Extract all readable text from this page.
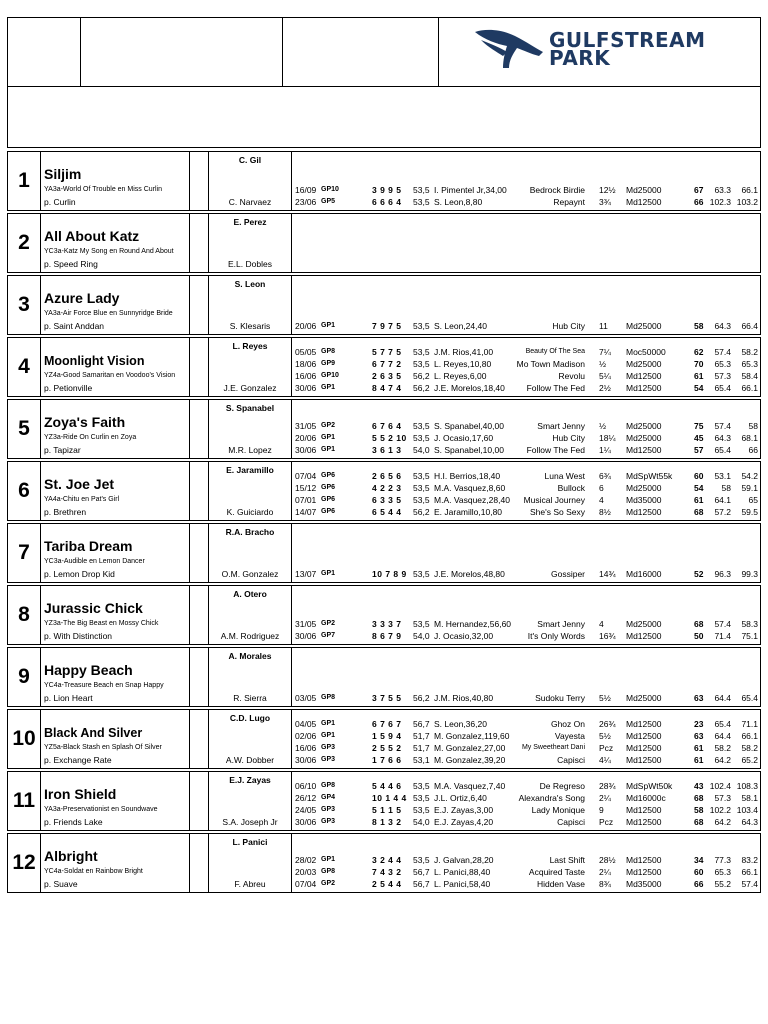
GULFSTREAM
PARK
1	Siljim
YA3a-World Of Trouble en Miss Curlin
p. Curlin
C. Gil
C. Narvaez
16/09 GP10	3 9 9 5 53,5 I. Pimentel Jr,34,00	Bedrock Birdie 12½ Md25000	67 63.3 66.1
23/06 GP5	6 6 6 4 53,5 S. Leon,8,80	Repaynt 3¾ Md12500	66 102.3 103.2
2	All About Katz
YC3a-Katz My Song en Round And About
p. Speed Ring
E. Perez
E.L. Dobles
3	Azure Lady
YA3a-Air Force Blue en Sunnyridge Bride
p. Saint Anddan
S. Leon
S. Klesaris	20/06 GP1	7 9 7 5 53,5 S. Leon,24,40	Hub City 11 Md25000	58 64.3 66.4
4	Moonlight Vision
YZ4a-Good Samaritan en Voodoo's Vision
p. Petionville
L. Reyes
J.E. Gonzalez
05/05 GP8	5 7 7 5 53,5 J.M. Rios,41,00	Beauty Of The Sea 7¼ Moc50000	62 57.4 58.2
18/06 GP9	6 7 7 2 53,5 L. Reyes,10,80	Mo Town Madison ½ Md25000	70 65.3 65.3
16/06 GP10	2 6 3 5 56,2 L. Reyes,6,00	Revolu 5¼ Md12500	61 57.3 58.4
30/06 GP1	8 4 7 4 56,2 J.E. Morelos,18,40	Follow The Fed 2½ Md12500	54 65.4 66.1
5	Zoya's Faith
YZ3a-Ride On Curlin en Zoya
p. Tapizar
S. Spanabel
M.R. Lopez
31/05 GP2	6 7 6 4 53,5 S. Spanabel,40,00	Smart Jenny ½ Md25000	75 57.4 58
20/06 GP1	5 5 2 10 53,5 J. Ocasio,17,60	Hub City 18¼ Md25000	45 64.3 68.1
30/06 GP1	3 6 1 3 54,0 S. Spanabel,10,00	Follow The Fed 1¼ Md12500	57 65.4 66
6	St. Joe Jet
YA4a-Chitu en Pat's Girl
p. Brethren
E. Jaramillo
K. Guiciardo
07/04 GP6	2 6 5 6 53,5 H.I. Berrios,18,40	Luna West 6¾ MdSpWt55k	60 53.1 54.2
15/12 GP6	4 2 2 3 53,5 M.A. Vasquez,8,60	Bullock 6	Md25000	54 58 59.1
07/01 GP6	6 3 3 5 53,5 M.A. Vasquez,28,40 Musical Journey 4	Md35000	61 64.1 65
14/07 GP6	6 5 4 4 56,2 E. Jaramillo,10,80	She's So Sexy 8½ Md12500	68 57.2 59.5
7	Tariba Dream
YC3a-Audible en Lemon Dancer
p. Lemon Drop Kid
R.A. Bracho
O.M. Gonzalez	13/07 GP1	10 7 8 9 53,5 J.E. Morelos,48,80	Gossiper 14¾ Md16000	52 96.3 99.3
8	Jurassic Chick
YZ3a-The Big Beast en Mossy Chick
p. With Distinction
A. Otero
A.M. Rodriguez
31/05 GP2	3 3 3 7 53,5 M. Hernandez,56,60	Smart Jenny 4	Md25000	68 57.4 58.3
30/06 GP7	8 6 7 9 54,0 J. Ocasio,32,00	It's Only Words 16¾ Md12500	50 71.4 75.1
9	Happy Beach
YC4a-Treasure Beach en Snap Happy
p. Lion Heart
A. Morales
R. Sierra	03/05 GP8	3 7 5 5 56,2 J.M. Rios,40,80	Sudoku Terry 5½ Md25000	63 64.4 65.4
10 Black And Silver
YZ5a-Black Stash en Splash Of Silver
p. Exchange Rate
C.D. Lugo
A.W. Dobber
04/05 GP1	6 7 6 7 56,7 S. Leon,36,20	Ghoz On 26¾ Md12500	23 65.4 71.1
02/06 GP1	1 5 9 4 51,7 M. Gonzalez,119,60	Vayesta 5½ Md12500	63 64.4 66.1
16/06 GP3	2 5 5 2 51,7 M. Gonzalez,27,00 My Sweetheart Dani Pcz Md12500	61 58.2 58.2
30/06 GP3	1 7 6 6 53,1 M. Gonzalez,39,20	Capisci 4¼ Md12500	61 64.2 65.2
11 Iron Shield
YA3a-Preservationist en Soundwave
p. Friends Lake
E.J. Zayas
S.A. Joseph Jr
06/10 GP8	5 4 4 6 53,5 M.A. Vasquez,7,40	De Regreso 28¾ MdSpWt50k	43 102.4 108.3
26/12 GP4	10 1 4 4 53,5 J.L. Ortiz,6,40	Alexandra's Song 2¼ Md16000c	68 57.3 58.1
24/05 GP3	5 1 1 5 53,5 E.J. Zayas,3,00	Lady Monique 9	Md12500	58 102.2 103.4
30/06 GP3	8 1 3 2 54,0 E.J. Zayas,4,20	Capisci Pcz Md12500	68 64.2 64.3
12 Albright
YC4a-Soldat en Rainbow Bright
p. Suave
L. Panici
F. Abreu
28/02 GP1	3 2 4 4 53,5 J. Galvan,28,20	Last Shift 28½ Md12500	34 77.3 83.2
20/03 GP8	7 4 3 2 56,7 L. Panici,88,40	Acquired Taste 2¼ Md12500	60 65.3 66.1
07/04 GP2	2 5 4 4 56,7 L. Panici,58,40	Hidden Vase 8¾ Md35000	66 55.2 57.4
